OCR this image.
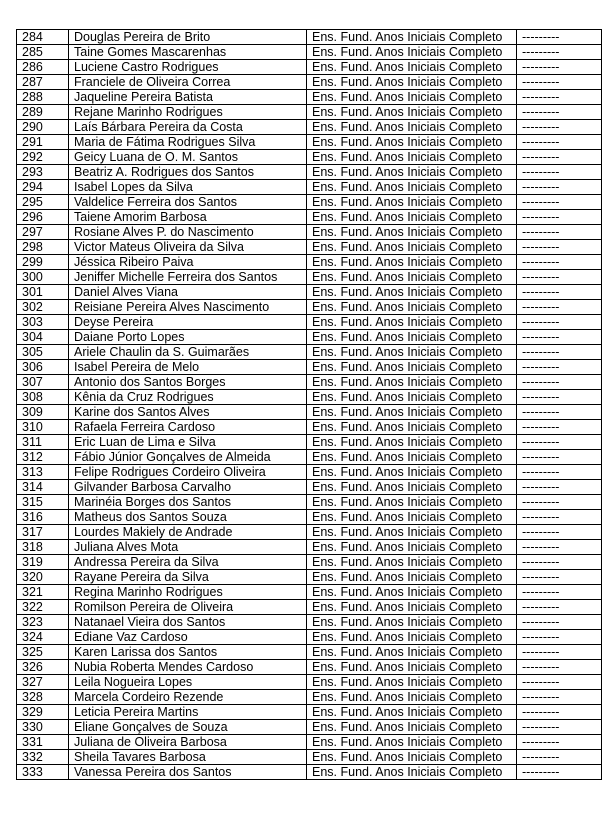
284	Douglas Pereira de Brito	Ens. Fund. Anos Iniciais Completo	---------
285	Taine Gomes Mascarenhas	Ens. Fund. Anos Iniciais Completo	---------
286	Luciene Castro Rodrigues	Ens. Fund. Anos Iniciais Completo	---------
287	Franciele de Oliveira Correa	Ens. Fund. Anos Iniciais Completo	---------
288	Jaqueline Pereira Batista	Ens. Fund. Anos Iniciais Completo	---------
289	Rejane Marinho Rodrigues	Ens. Fund. Anos Iniciais Completo	---------
290	Laís Bárbara Pereira da Costa	Ens. Fund. Anos Iniciais Completo	---------
291	Maria de Fátima Rodrigues Silva	Ens. Fund. Anos Iniciais Completo	---------
292	Geicy Luana de O. M. Santos	Ens. Fund. Anos Iniciais Completo	---------
293	Beatriz A. Rodrigues dos Santos	Ens. Fund. Anos Iniciais Completo	---------
294	Isabel Lopes da Silva	Ens. Fund. Anos Iniciais Completo	---------
295	Valdelice Ferreira dos Santos	Ens. Fund. Anos Iniciais Completo	---------
296	Taiene Amorim Barbosa	Ens. Fund. Anos Iniciais Completo	---------
297	Rosiane Alves P. do Nascimento	Ens. Fund. Anos Iniciais Completo	---------
298	Victor Mateus Oliveira da Silva	Ens. Fund. Anos Iniciais Completo	---------
299	Jéssica Ribeiro Paiva	Ens. Fund. Anos Iniciais Completo	---------
300	Jeniffer Michelle Ferreira dos Santos	Ens. Fund. Anos Iniciais Completo	---------
301	Daniel Alves Viana	Ens. Fund. Anos Iniciais Completo	---------
302	Reisiane Pereira Alves Nascimento	Ens. Fund. Anos Iniciais Completo	---------
303	Deyse Pereira	Ens. Fund. Anos Iniciais Completo	---------
304	Daiane Porto Lopes	Ens. Fund. Anos Iniciais Completo	---------
305	Ariele Chaulin da S. Guimarães	Ens. Fund. Anos Iniciais Completo	---------
306	Isabel Pereira de Melo	Ens. Fund. Anos Iniciais Completo	---------
307	Antonio dos Santos Borges	Ens. Fund. Anos Iniciais Completo	---------
308	Kênia da Cruz Rodrigues	Ens. Fund. Anos Iniciais Completo	---------
309	Karine dos Santos Alves	Ens. Fund. Anos Iniciais Completo	---------
310	Rafaela Ferreira Cardoso	Ens. Fund. Anos Iniciais Completo	---------
311	Eric Luan de Lima e Silva	Ens. Fund. Anos Iniciais Completo	---------
312	Fábio Júnior Gonçalves de Almeida	Ens. Fund. Anos Iniciais Completo	---------
313	Felipe Rodrigues Cordeiro Oliveira	Ens. Fund. Anos Iniciais Completo	---------
314	Gilvander Barbosa Carvalho	Ens. Fund. Anos Iniciais Completo	---------
315	Marinéia Borges dos Santos	Ens. Fund. Anos Iniciais Completo	---------
316	Matheus dos Santos Souza	Ens. Fund. Anos Iniciais Completo	---------
317	Lourdes Makiely de Andrade	Ens. Fund. Anos Iniciais Completo	---------
318	Juliana Alves Mota	Ens. Fund. Anos Iniciais Completo	---------
319	Andressa Pereira da Silva	Ens. Fund. Anos Iniciais Completo	---------
320	Rayane Pereira da Silva	Ens. Fund. Anos Iniciais Completo	---------
321	Regina Marinho Rodrigues	Ens. Fund. Anos Iniciais Completo	---------
322	Romilson Pereira de Oliveira	Ens. Fund. Anos Iniciais Completo	---------
323	Natanael Vieira dos Santos	Ens. Fund. Anos Iniciais Completo	---------
324	Ediane Vaz Cardoso	Ens. Fund. Anos Iniciais Completo	---------
325	Karen Larissa dos Santos	Ens. Fund. Anos Iniciais Completo	---------
326	Nubia Roberta Mendes Cardoso	Ens. Fund. Anos Iniciais Completo	---------
327	Leila Nogueira Lopes	Ens. Fund. Anos Iniciais Completo	---------
328	Marcela Cordeiro Rezende	Ens. Fund. Anos Iniciais Completo	---------
329	Leticia Pereira Martins	Ens. Fund. Anos Iniciais Completo	---------
330	Eliane Gonçalves de Souza	Ens. Fund. Anos Iniciais Completo	---------
331	Juliana de Oliveira Barbosa	Ens. Fund. Anos Iniciais Completo	---------
332	Sheila Tavares Barbosa	Ens. Fund. Anos Iniciais Completo	---------
333	Vanessa Pereira dos Santos	Ens. Fund. Anos Iniciais Completo	---------
